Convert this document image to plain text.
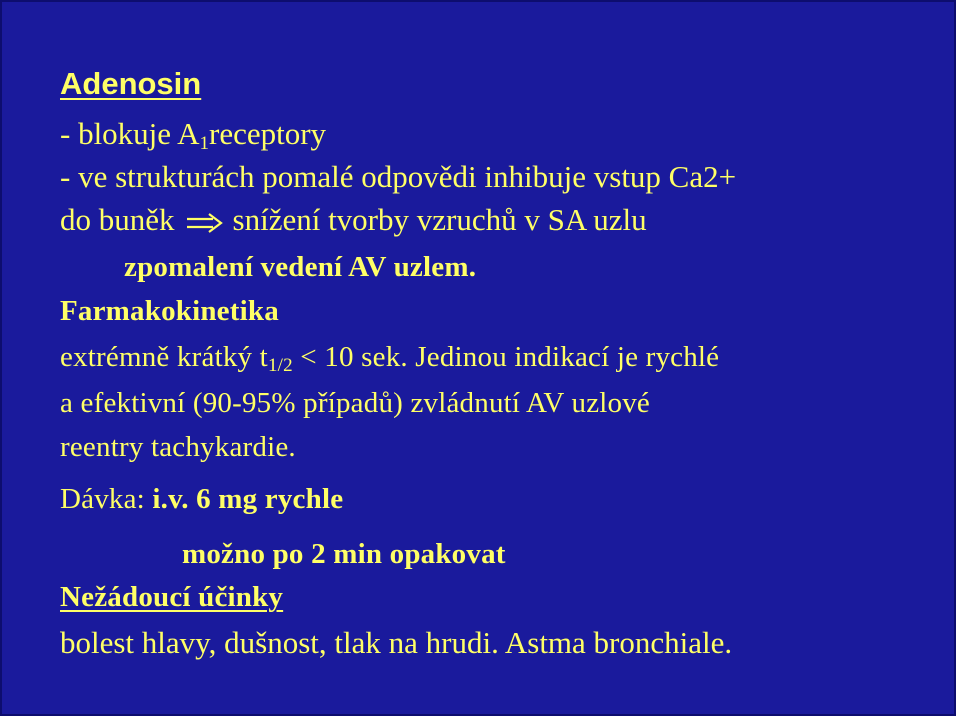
Adenosin
- blokuje $A_1receptory$
- ve strukturách pomalé odpovědi inhibuje vstup Ca2+
do buněk snížení tvorby vzruchů v SA uzlu
zpomalení vedení AV uzlem.
Farmakokinetika
extrémně krátký $t_{1/2} < 10$ sek. Jedinou indikací je rychlé
a efektivní (90-95% případů) zvládnutí AV uzlové
reentry tachykardie.
Dávka: i.v. 6 mg rychle
možno po 2 min opakovat
Nežádoucí účinky
bolest hlavy, dušnost, tlak na hrudi. Astma bronchiale.
